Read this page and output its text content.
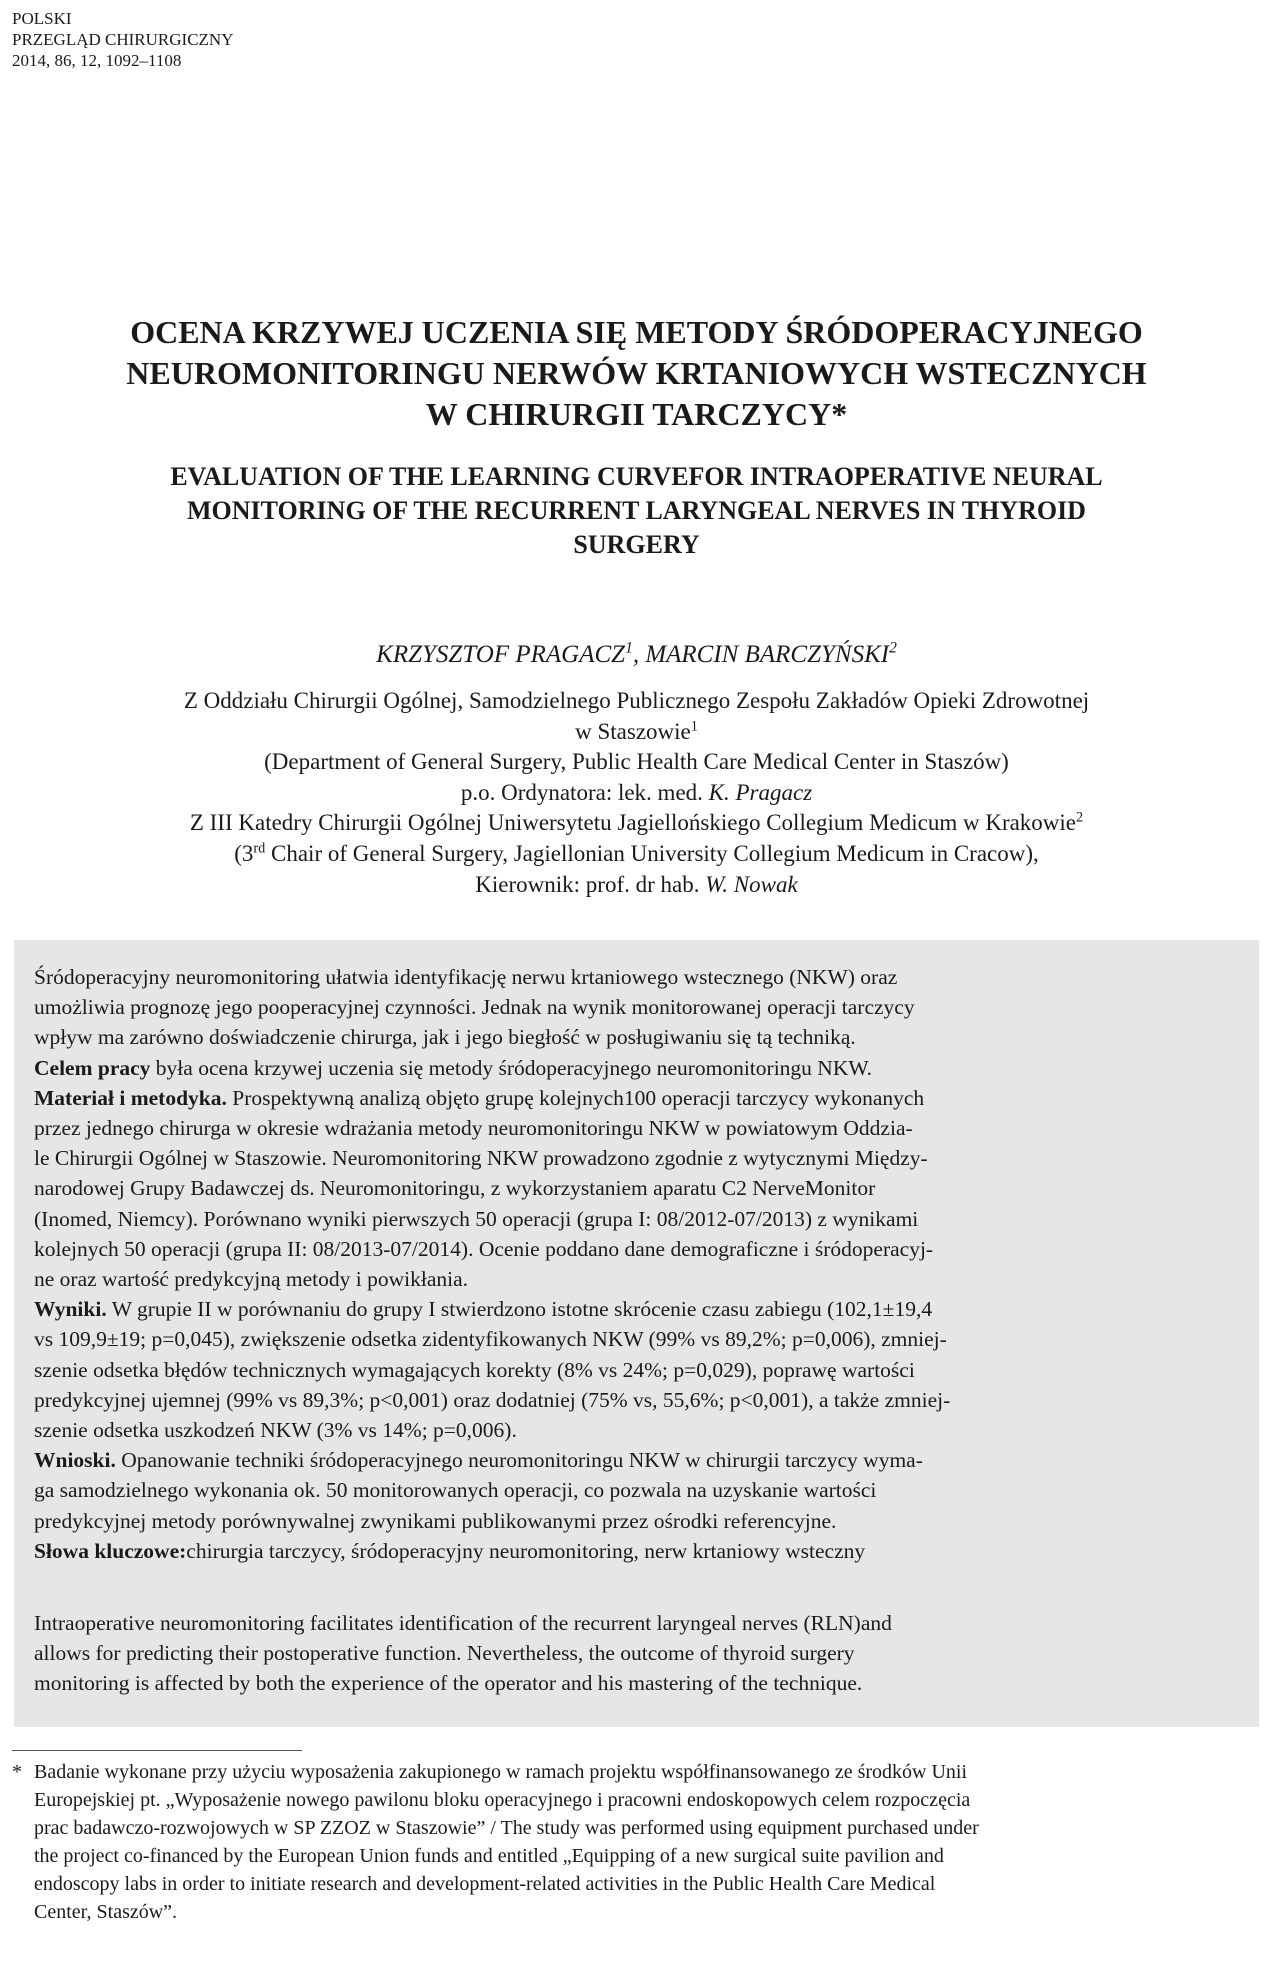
POLSKI
PRZEGLĄD CHIRURGICZNY
2014, 86, 12, 1092–1108
OCENA KRZYWEJ UCZENIA SIĘ METODY ŚRÓDOPERACYJNEGO
NEUROMONITORINGU NERWÓW KRTANIOWYCH WSTECZNYCH
W CHIRURGII TARCZYCY*
EVALUATION OF THE LEARNING CURVEFOR INTRAOPERATIVE NEURAL
MONITORING OF THE RECURRENT LARYNGEAL NERVES IN THYROID
SURGERY
KRZYSZTOF PRAGACZ$^1$, MARCIN BARCZYŃSKI$^2$
Z Oddziału Chirurgii Ogólnej, Samodzielnego Publicznego Zespołu Zakładów Opieki Zdrowotnej
w Staszowie$^1$
(Department of General Surgery, Public Health Care Medical Center in Staszów)
p.o. Ordynatora: lek. med. K. Pragacz
Z III Katedry Chirurgii Ogólnej Uniwersytetu Jagiellońskiego Collegium Medicum w Krakowie$^2$
(3rd Chair of General Surgery, Jagiellonian University Collegium Medicum in Cracow),
Kierownik: prof. dr hab. W. Nowak
Śródoperacyjny neuromonitoring ułatwia identyfikację nerwu krtaniowego wstecznego (NKW) oraz
umożliwia prognozę jego pooperacyjnej czynności. Jednak na wynik monitorowanej operacji tarczycy
wpływ ma zarówno doświadczenie chirurga, jak i jego biegłość w posługiwaniu się tą techniką.
Celem pracy była ocena krzywej uczenia się metody śródoperacyjnego neuromonitoringu NKW.
Materiał i metodyka. Prospektywną analizą objęto grupę kolejnych100 operacji tarczycy wykonanych
przez jednego chirurga w okresie wdrażania metody neuromonitoringu NKW w powiatowym Oddzia-
le Chirurgii Ogólnej w Staszowie. Neuromonitoring NKW prowadzono zgodnie z wytycznymi Między-
narodowej Grupy Badawczej ds. Neuromonitoringu, z wykorzystaniem aparatu C2 NerveMonitor
(Inomed, Niemcy). Porównano wyniki pierwszych 50 operacji (grupa I: 08/2012-07/2013) z wynikami
kolejnych 50 operacji (grupa II: 08/2013-07/2014). Ocenie poddano dane demograficzne i śródoperacyj-
ne oraz wartość predykcyjną metody i powikłania.
Wyniki. W grupie II w porównaniu do grupy I stwierdzono istotne skrócenie czasu zabiegu (102,1±19,4
vs 109,9±19; p=0,045), zwiększenie odsetka zidentyfikowanych NKW (99% vs 89,2%; p=0,006), zmniej-
szenie odsetka błędów technicznych wymagających korekty (8% vs 24%; p=0,029), poprawę wartości
predykcyjnej ujemnej (99% vs 89,3%; p<0,001) oraz dodatniej (75% vs, 55,6%; p<0,001), a także zmniej-
szenie odsetka uszkodzeń NKW (3% vs 14%; p=0,006).
Wnioski. Opanowanie techniki śródoperacyjnego neuromonitoringu NKW w chirurgii tarczycy wyma-
ga samodzielnego wykonania ok. 50 monitorowanych operacji, co pozwala na uzyskanie wartości
predykcyjnej metody porównywalnej zwynikami publikowanymi przez ośrodki referencyjne.
Słowa kluczowe:chirurgia tarczycy, śródoperacyjny neuromonitoring, nerw krtaniowy wsteczny
Intraoperative neuromonitoring facilitates identification of the recurrent laryngeal nerves (RLN)and
allows for predicting their postoperative function. Nevertheless, the outcome of thyroid surgery
monitoring is affected by both the experience of the operator and his mastering of the technique.
* Badanie wykonane przy użyciu wyposażenia zakupionego w ramach projektu współfinansowanego ze środków Unii
Europejskiej pt. „Wyposażenie nowego pawilonu bloku operacyjnego i pracowni endoskopowych celem rozpoczęcia
prac badawczo-rozwojowych w SP ZZOZ w Staszowie” / The study was performed using equipment purchased under
the project co-financed by the European Union funds and entitled „Equipping of a new surgical suite pavilion and
endoscopy labs in order to initiate research and development-related activities in the Public Health Care Medical
Center, Staszów”.
